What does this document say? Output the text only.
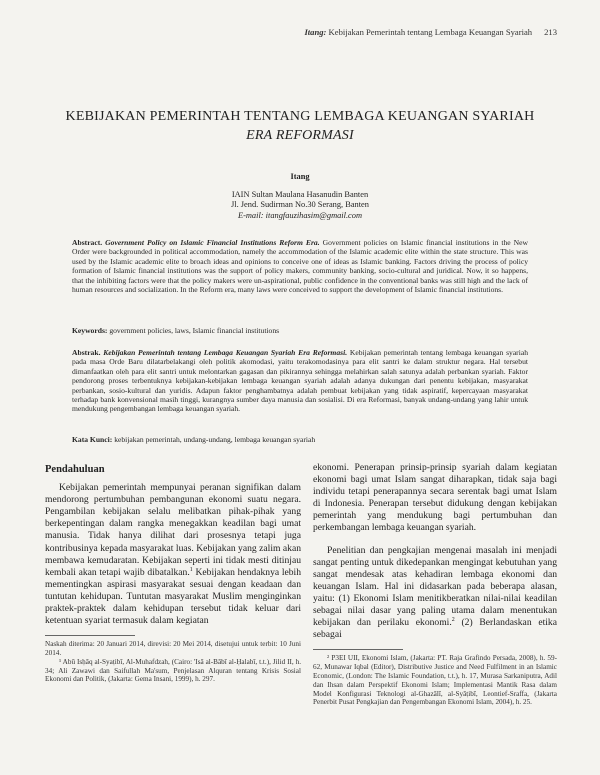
Itang: Kebijakan Pemerintah tentang Lembaga Keuangan Syariah 213
KEBIJAKAN PEMERINTAH TENTANG LEMBAGA KEUANGAN SYARIAH
ERA REFORMASI
Itang
IAIN Sultan Maulana Hasanudin Banten
Jl. Jend. Sudirman No.30 Serang, Banten
E-mail: itangfauzihasim@gmail.com
Abstract. Government Policy on Islamic Financial Institutions Reform Era. Government policies on Islamic financial institutions in the New Order were backgrounded in political accommodation, namely the accommodation of the Islamic academic elite within the state structure. This was used by the Islamic academic elite to broach ideas and opinions to conceive one of ideas as Islamic banking. Factors driving the process of policy formation of Islamic financial institutions was the support of policy makers, community banking, socio-cultural and juridical. Now, it so happens, that the inhibiting factors were that the policy makers were un-aspirational, public confidence in the conventional banks was still high and the lack of human resources and socialization. In the Reform era, many laws were conceived to support the development of Islamic financial institutions.
Keywords: government policies, laws, Islamic financial institutions
Abstrak. Kebijakan Pemerintah tentang Lembaga Keuangan Syariah Era Reformasi. Kebijakan pemerintah tentang lembaga keuangan syariah pada masa Orde Baru dilatarbelakangi oleh politik akomodasi, yaitu terakomodasinya para elit santri ke dalam struktur negara. Hal tersebut dimanfaatkan oleh para elit santri untuk melontarkan gagasan dan pikirannya sehingga melahirkan salah satunya adalah perbankan syariah. Faktor pendorong proses terbentuknya kebijakan-kebijakan lembaga keuangan syariah adalah adanya dukungan dari penentu kebijakan, masyarakat perbankan, sosio-kultural dan yuridis. Adapun faktor penghambatnya adalah pembuat kebijakan yang tidak aspiratif, kepercayaan masyarakat terhadap bank konvensional masih tinggi, kurangnya sumber daya manusia dan sosialisi. Di era Reformasi, banyak undang-undang yang lahir untuk mendukung pengembangan lembaga keuangan syariah.
Kata Kunci: kebijakan pemerintah, undang-undang, lembaga keuangan syariah
Pendahuluan

Kebijakan pemerintah mempunyai peranan signifikan dalam mendorong pertumbuhan pembangunan ekonomi suatu negara. Pengambilan kebijakan selalu melibatkan pihak-pihak yang berkepentingan dalam rangka menegakkan keadilan bagi umat manusia. Tidak hanya dilihat dari prosesnya tetapi juga kontribusinya kepada masyarakat luas. Kebijakan yang zalim akan membawa kemudaratan. Kebijakan seperti ini tidak mesti ditinjau kembali akan tetapi wajib dibatalkan.$^1$ Kebijakan hendaknya lebih mementingkan aspirasi masyarakat sesuai dengan keadaan dan tuntutan kehidupan. Tuntutan masyarakat Muslim menginginkan praktek-praktek dalam kehidupan tersebut tidak keluar dari ketentuan syariat termasuk dalam kegiatan

Naskah diterima: 20 Januari 2014, direvisi: 20 Mei 2014, disetujui untuk terbit: 10 Juni 2014.

¹ Abū Isḥāq al-Syaṭibī, Al-Muhafdzah, (Cairo: 'Isā al-Bābī al-Ḥalabī, t.t.), Jilid II, h. 34; Ali Zawawi dan Saifullah Ma'sum, Penjelasan Alquran tentang Krisis Sosial Ekonomi dan Politik, (Jakarta: Gema Insani, 1999), h. 297.

ekonomi. Penerapan prinsip-prinsip syariah dalam kegiatan ekonomi bagi umat Islam sangat diharapkan, tidak saja bagi individu tetapi penerapannya secara serentak bagi umat Islam di Indonesia. Penerapan tersebut didukung dengan kebijakan pemerintah yang mendukung bagi pertumbuhan dan perkembangan lembaga keuangan syariah.

Penelitian dan pengkajian mengenai masalah ini menjadi sangat penting untuk dikedepankan mengingat kebutuhan yang sangat mendesak atas kehadiran lembaga ekonomi dan keuangan Islam. Hal ini didasarkan pada beberapa alasan, yaitu: (1) Ekonomi Islam menitikberatkan nilai-nilai keadilan sebagai nilai dasar yang paling utama dalam menentukan kebijakan dan perilaku ekonomi.$^2$ (2) Berlandaskan etika sebagai

² P3EI UII, Ekonomi Islam, (Jakarta: PT. Raja Grafindo Persada, 2008), h. 59-62, Munawar Iqbal (Editor), Distributive Justice and Need Fulfilment in an Islamic Economic, (London: The Islamic Foundation, t.t.), h. 17, Murasa Sarkaniputra, Adil dan Ihsan dalam Perspektif Ekonomi Islam; Implementasi Mantik Rasa dalam Model Konfigurasi Teknologi al-Ghazālī, al-Syāṭibī, Leontief-Sraffa, (Jakarta Penerbit Pusat Pengkajian dan Pengembangan Ekonomi Islam, 2004), h. 25.
